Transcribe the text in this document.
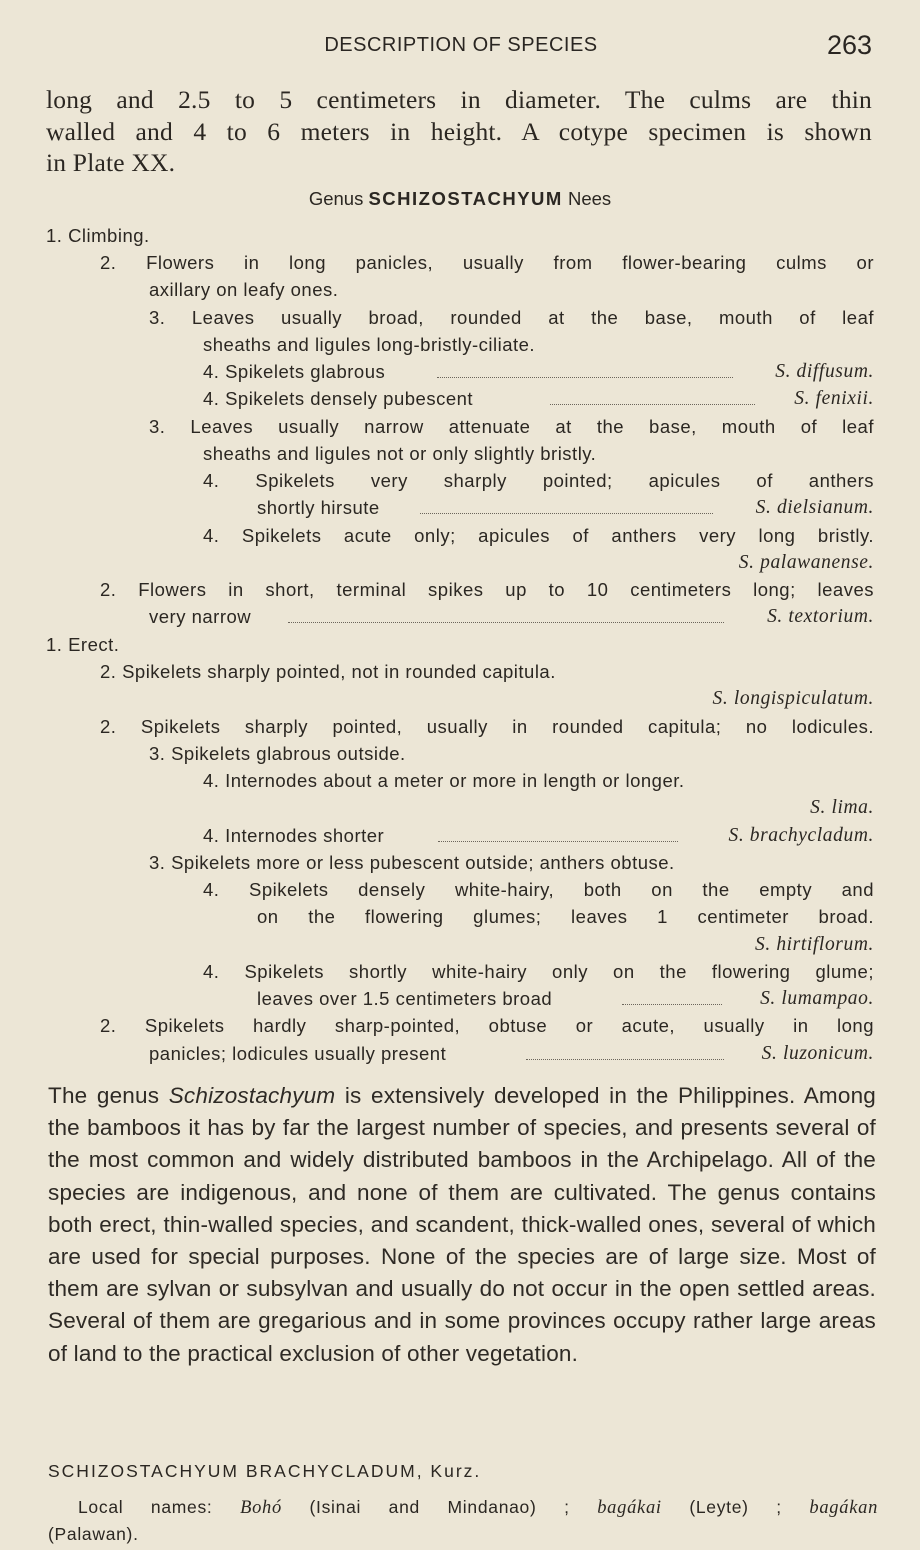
DESCRIPTION OF SPECIES	263
long and 2.5 to 5 centimeters in diameter. The culms are thin
walled and 4 to 6 meters in height. A cotype specimen is shown
in Plate XX.
Genus SCHIZOSTACHYUM Nees
1. Climbing.
2. Flowers in long panicles, usually from flower-bearing culms or
axillary on leafy ones.
3. Leaves usually broad, rounded at the base, mouth of leaf
sheaths and ligules long-bristly-ciliate.
4. Spikelets glabrous	S. diffusum.
4. Spikelets densely pubescent	S. fenixii.
3. Leaves usually narrow attenuate at the base, mouth of leaf
sheaths and ligules not or only slightly bristly.
4. Spikelets very sharply pointed; apicules of anthers
shortly hirsute	S. dielsianum.
4. Spikelets acute only; apicules of anthers very long bristly.
S. palawanense.
2. Flowers in short, terminal spikes up to 10 centimeters long; leaves
very narrow	S. textorium.
1. Erect.
2. Spikelets sharply pointed, not in rounded capitula.
S. longispiculatum.
2. Spikelets sharply pointed, usually in rounded capitula; no lodicules.
3. Spikelets glabrous outside.
4. Internodes about a meter or more in length or longer.
S. lima.
4. Internodes shorter	S. brachycladum.
3. Spikelets more or less pubescent outside; anthers obtuse.
4. Spikelets densely white-hairy, both on the empty and
on the flowering glumes; leaves 1 centimeter broad.
S. hirtiflorum.
4. Spikelets shortly white-hairy only on the flowering glume;
leaves over 1.5 centimeters broad	S. lumampao.
2. Spikelets hardly sharp-pointed, obtuse or acute, usually in long
panicles; lodicules usually present	S. luzonicum.

The genus Schizostachyum is extensively developed in the Philippines. Among the bamboos it has by far the largest number of species, and presents several of the most common and widely distributed bamboos in the Archipelago. All of the species are indigenous, and none of them are cultivated. The genus contains both erect, thin-walled species, and scandent, thick-walled ones, several of which are used for special purposes. None of the species are of large size. Most of them are sylvan or subsylvan and usually do not occur in the open settled areas. Several of them are gregarious and in some provinces occupy rather large areas of land to the practical exclusion of other vegetation.

SCHIZOSTACHYUM BRACHYCLADUM, Kurz.
Local names: Bohó (Isinai and Mindanao) ; bagákai (Leyte) ; bagákan
(Palawan).
